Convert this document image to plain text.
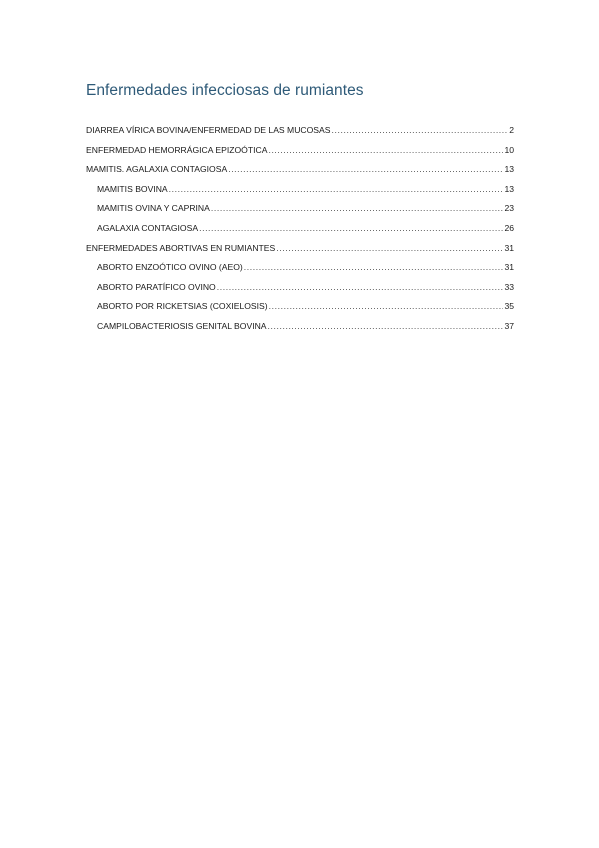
Enfermedades infecciosas de rumiantes
DIARREA VÍRICA BOVINA/ENFERMEDAD DE LAS MUCOSAS .....	2
ENFERMEDAD HEMORRÁGICA EPIZOÓTICA .....	10
MAMITIS. AGALAXIA CONTAGIOSA .....	13
MAMITIS BOVINA .....	13
MAMITIS OVINA Y CAPRINA .....	23
AGALAXIA CONTAGIOSA .....	26
ENFERMEDADES ABORTIVAS EN RUMIANTES .....	31
ABORTO ENZOÓTICO OVINO (AEO) .....	31
ABORTO PARATÍFICO OVINO .....	33
ABORTO POR RICKETSIAS (COXIELOSIS) .....	35
CAMPILOBACTERIOSIS GENITAL BOVINA .....	37
